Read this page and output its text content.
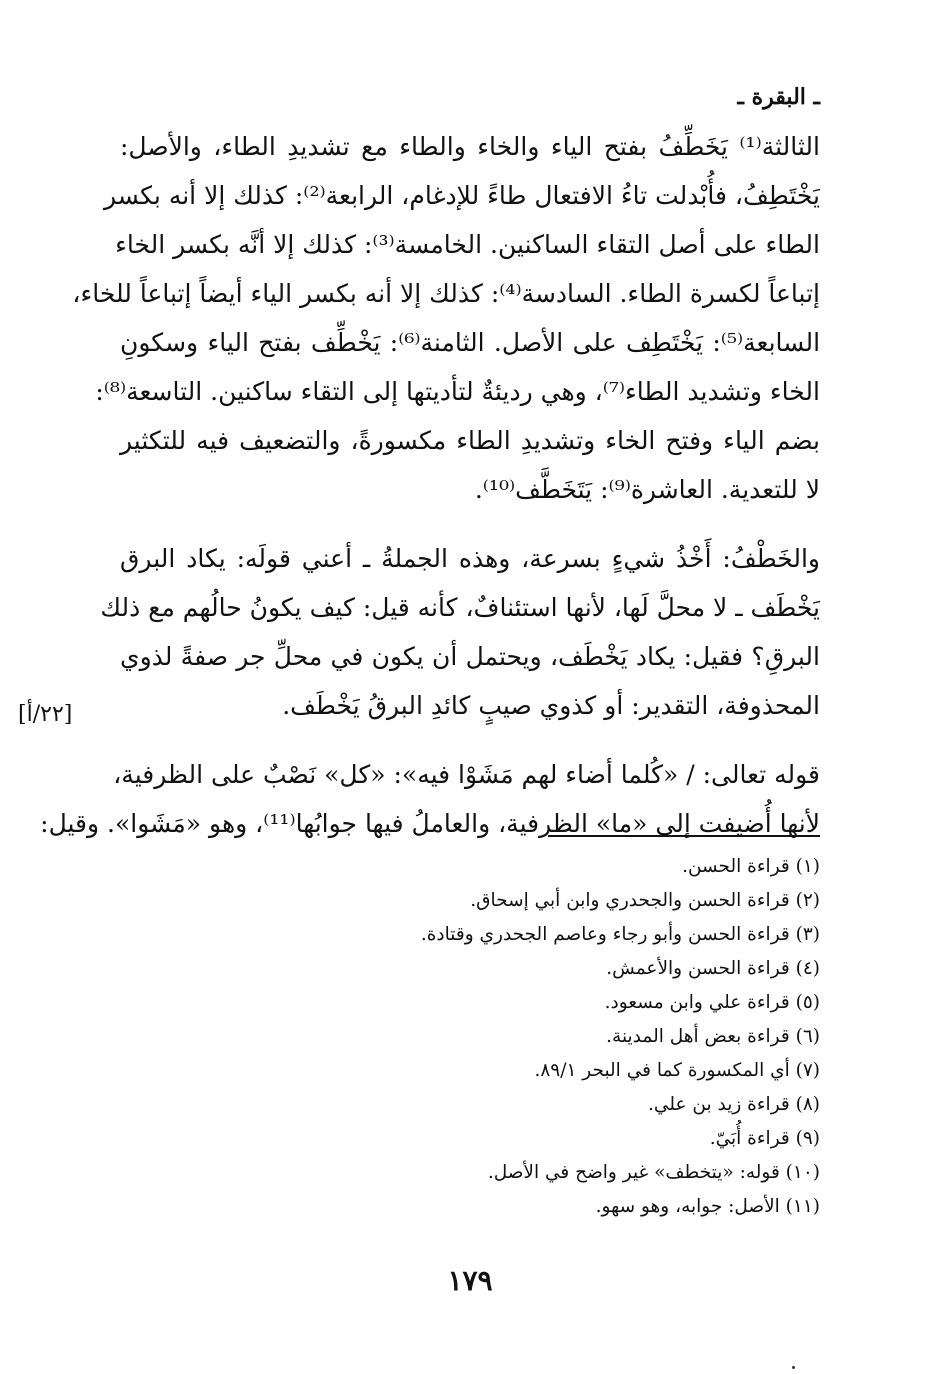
ـ البقرة ـ
الثالثة⁽¹⁾ يَخَطِّفُ بفتح الياء والخاء والطاء مع تشديدِ الطاء، والأصل:
يَخْتَطِفُ، فأُبْدلت تاءُ الافتعال طاءً للإدغام، الرابعة⁽²⁾: كذلك إلا أنه بكسر
الطاء على أصل التقاء الساكنين. الخامسة⁽³⁾: كذلك إلا أنَّه بكسر الخاء
إتباعاً لكسرة الطاء. السادسة⁽⁴⁾: كذلك إلا أنه بكسر الياء أيضاً إتباعاً للخاء،
السابعة⁽⁵⁾: يَخْتَطِف على الأصل. الثامنة⁽⁶⁾: يَخْطِّف بفتح الياء وسكونِ
الخاء وتشديد الطاء⁽⁷⁾، وهي رديئةٌ لتأديتها إلى التقاء ساكنين. التاسعة⁽⁸⁾:
بضم الياء وفتح الخاء وتشديدِ الطاء مكسورةً، والتضعيف فيه للتكثير
لا للتعدية. العاشرة⁽⁹⁾: يَتَخَطَّف⁽¹⁰⁾.
والخَطْفُ: أَخْذُ شيءٍ بسرعة، وهذه الجملةُ ـ أعني قولَه: يكاد البرق
يَخْطَف ـ لا محلَّ لَها، لأنها استئنافٌ، كأنه قيل: كيف يكونُ حالُهم مع ذلك
البرقِ؟ فقيل: يكاد يَخْطَف، ويحتمل أن يكون في محلِّ جر صفةً لذوي
المحذوفة، التقدير: أو كذوي صيبٍ كائدِ البرقُ يَخْطَف.
قوله تعالى: / «كُلما أضاء لهم مَشَوْا فيه»: «كل» نَصْبٌ على الظرفية،
لأنها أُضيفت إلى «ما» الظرفية، والعاملُ فيها جوابُها⁽¹¹⁾، وهو «مَشَوا». وقيل:
[٢٢/أ]
(١) قراءة الحسن.
(٢) قراءة الحسن والجحدري وابن أبي إسحاق.
(٣) قراءة الحسن وأبو رجاء وعاصم الجحدري وقتادة.
(٤) قراءة الحسن والأعمش.
(٥) قراءة علي وابن مسعود.
(٦) قراءة بعض أهل المدينة.
(٧) أي المكسورة كما في البحر ٨٩/١.
(٨) قراءة زيد بن علي.
(٩) قراءة أُبَيّ.
(١٠) قوله: «يتخطف» غير واضح في الأصل.
(١١) الأصل: جوابه، وهو سهو.
١٧٩
